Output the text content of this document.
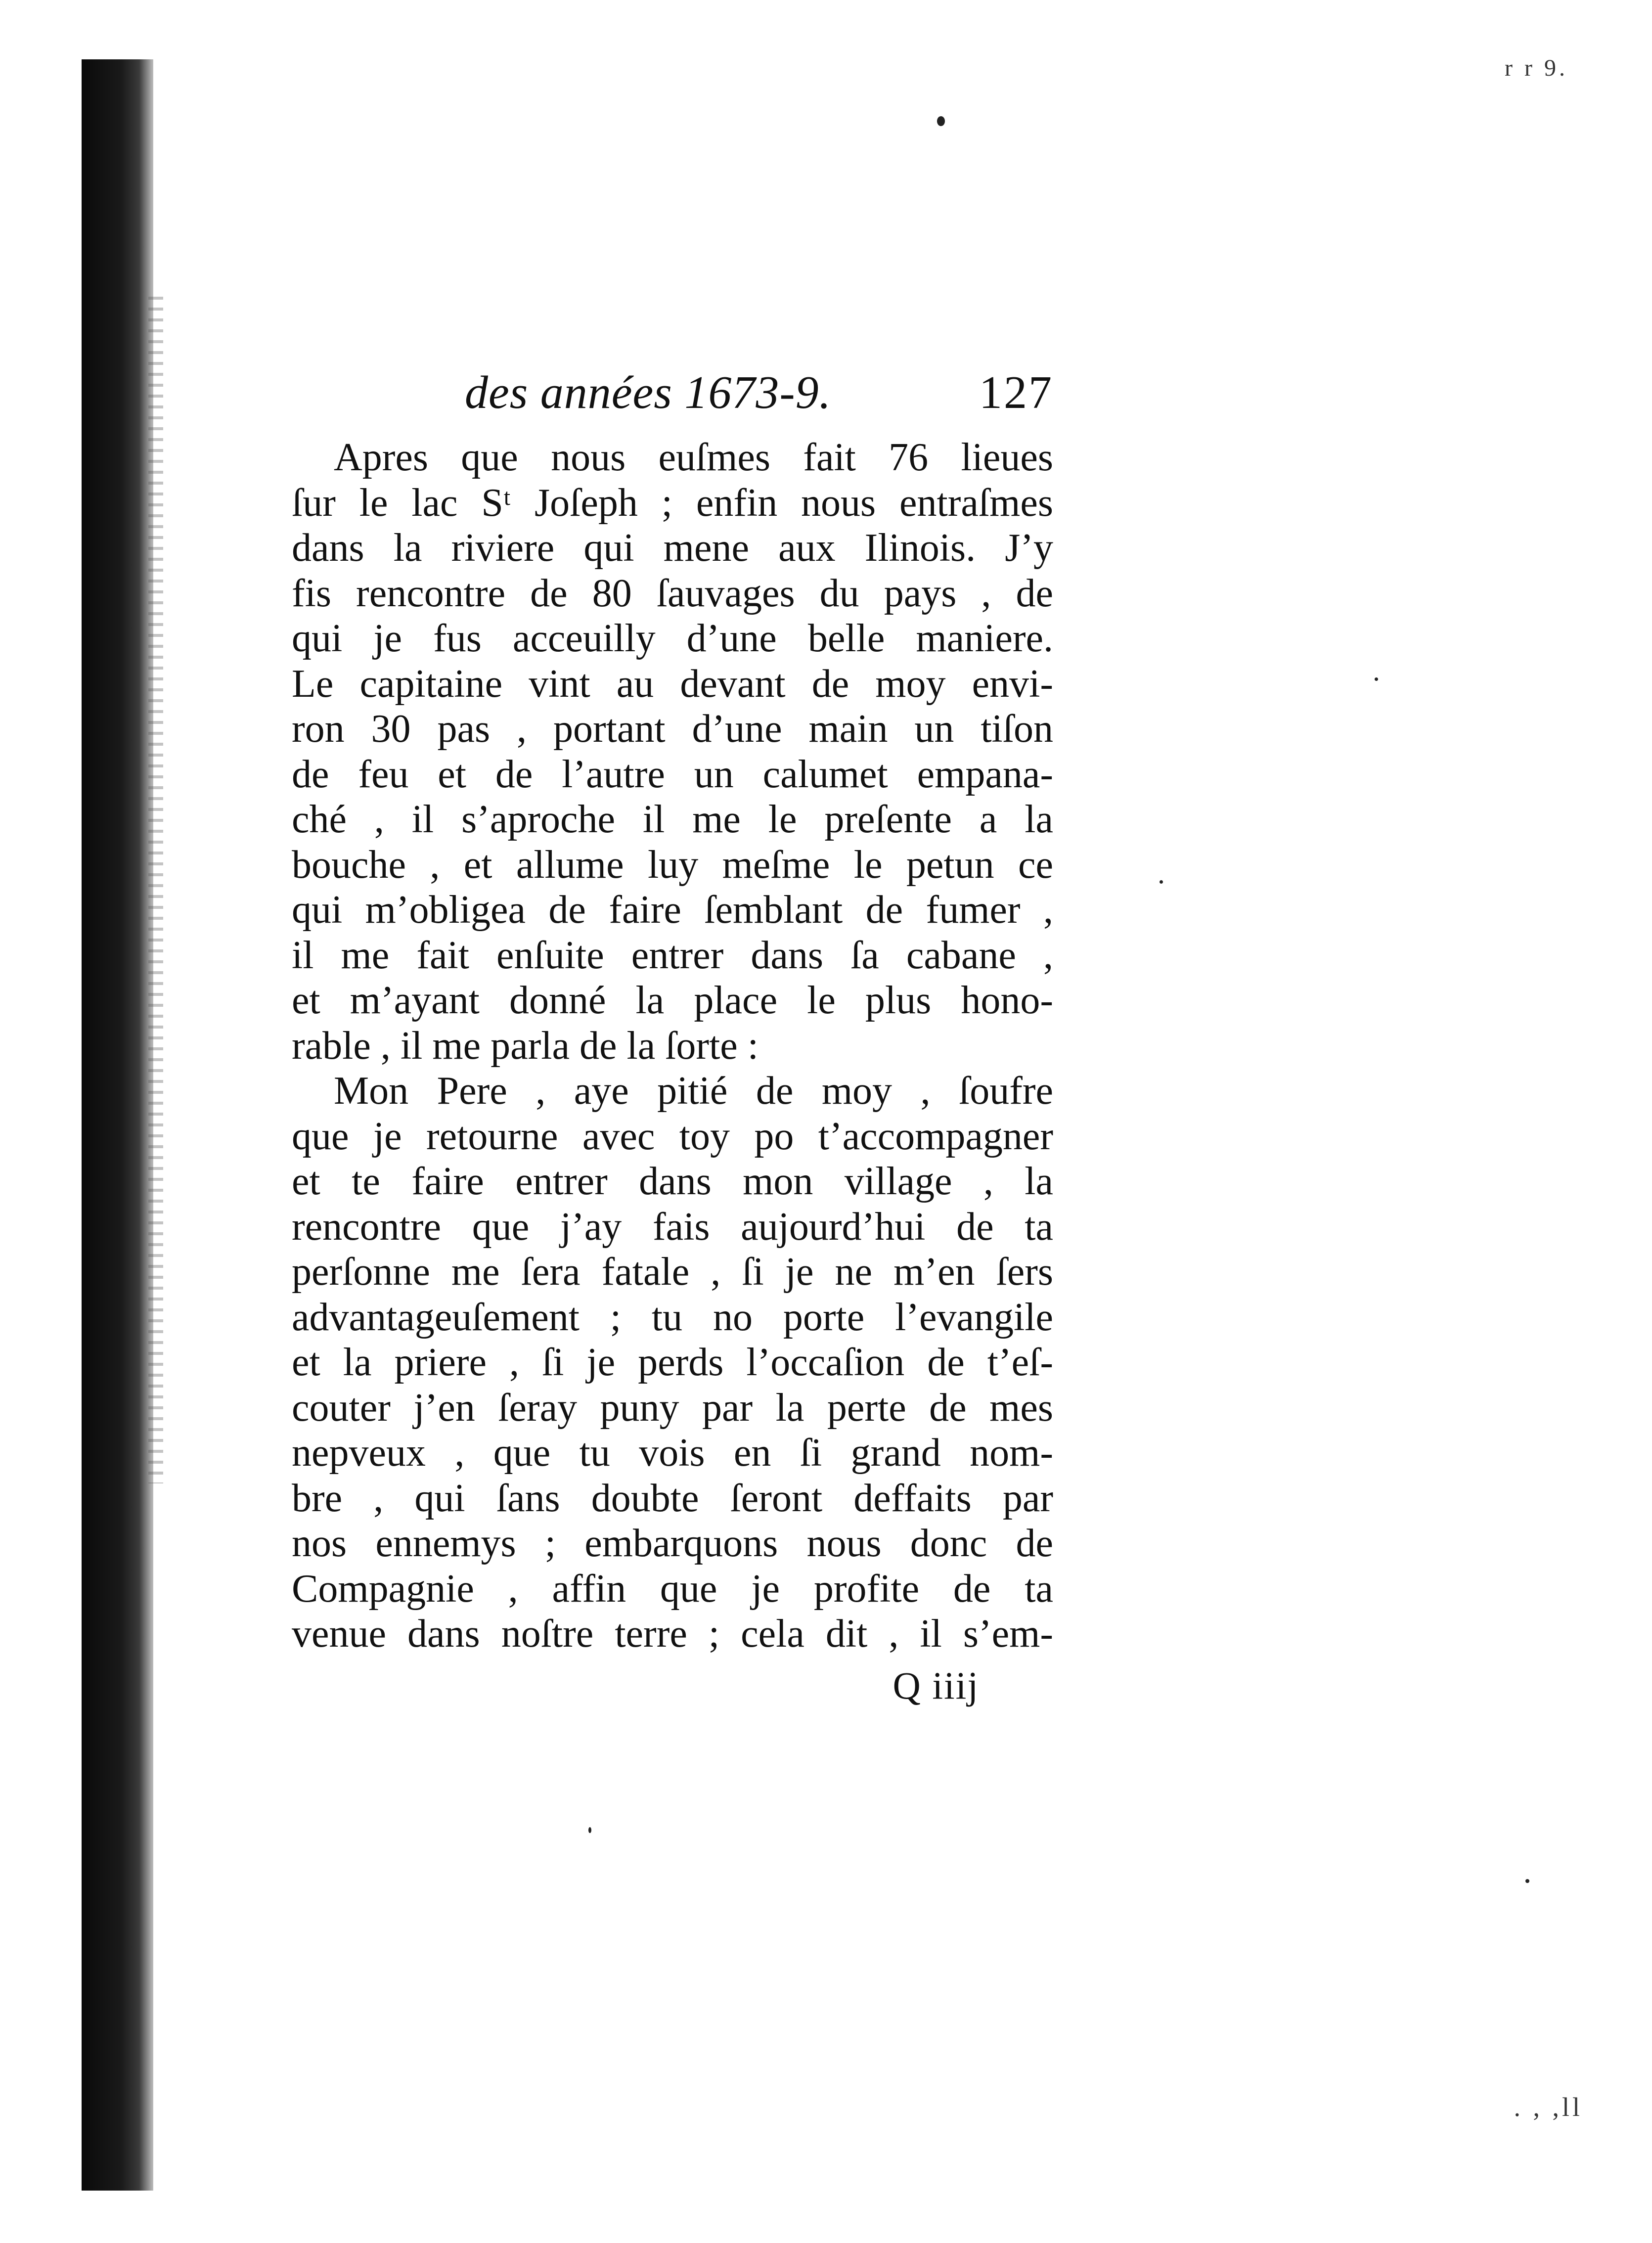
r r 9.
. , ,ll
des années 1673-9.	127
Apres que nous euſmes fait 76 lieues
ſur le lac Sᵗ Joſeph ; enfin nous entraſmes
dans la riviere qui mene aux Ilinois. J’y
fis rencontre de 80 ſauvages du pays , de
qui je fus acceuilly d’une belle maniere.
Le capitaine vint au devant de moy envi-
ron 30 pas , portant d’une main un tiſon
de feu et de l’autre un calumet empana-
ché , il s’aproche il me le preſente a la
bouche , et allume luy meſme le petun ce
qui m’obligea de faire ſemblant de fumer ,
il me fait enſuite entrer dans ſa cabane ,
et m’ayant donné la place le plus hono-
rable , il me parla de la ſorte :
Mon Pere , aye pitié de moy , ſoufre
que je retourne avec toy po t’accompagner
et te faire entrer dans mon village , la
rencontre que j’ay fais aujourd’hui de ta
perſonne me ſera fatale , ſi je ne m’en ſers
advantageuſement ; tu no porte l’evangile
et la priere , ſi je perds l’occaſion de t’eſ-
couter j’en ſeray puny par la perte de mes
nepveux , que tu vois en ſi grand nom-
bre , qui ſans doubte ſeront deffaits par
nos ennemys ; embarquons nous donc de
Compagnie , affin que je profite de ta
venue dans noſtre terre ; cela dit , il s’em-
Q iiij
